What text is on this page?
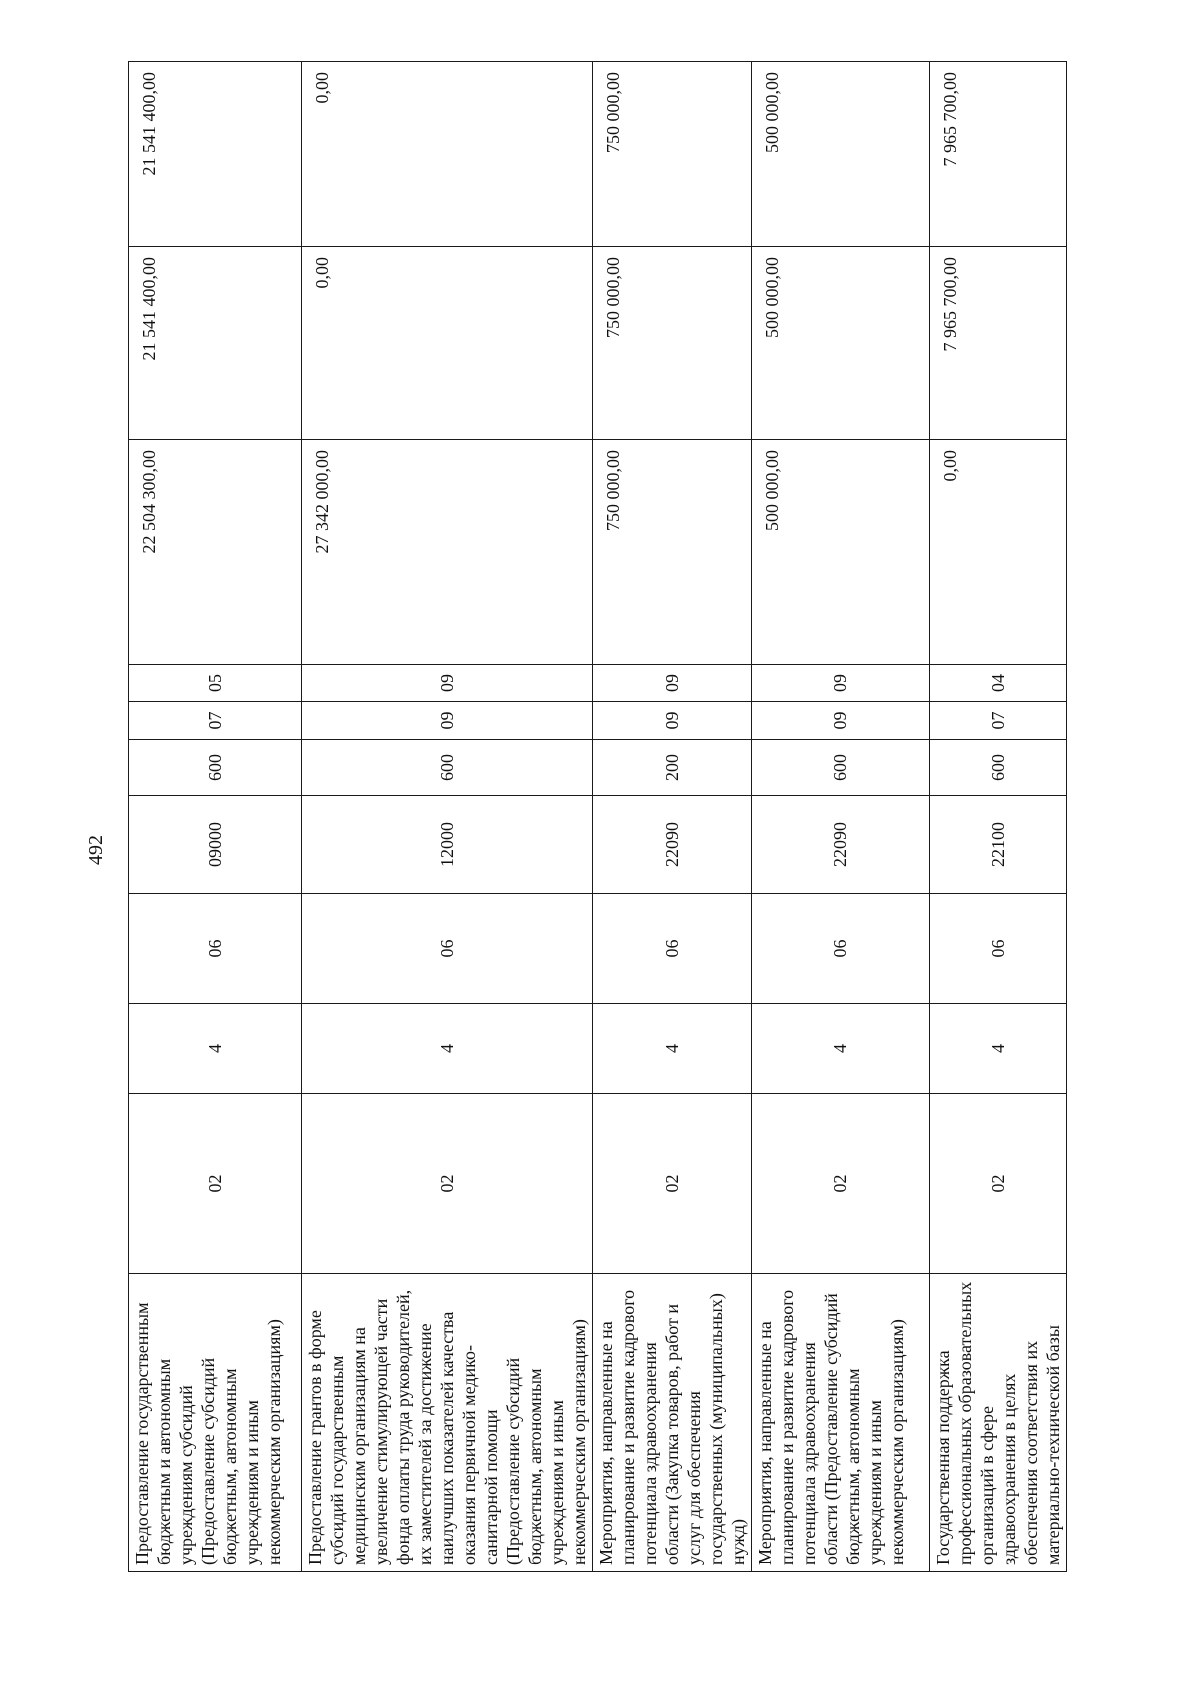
492
Предоставление государственным бюджетным и автономным учреждениям субсидий (Предоставление субсидий бюджетным, автономным учреждениям и иным некоммерческим организациям)	02	4	06	09000	600	07	05	22 504 300,00	21 541 400,00	21 541 400,00
Предоставление грантов в форме субсидий государственным медицинским организациям на увеличение стимулирующей части фонда оплаты труда руководителей, их заместителей за достижение наилучших показателей качества оказания первичной медико-санитарной помощи (Предоставление субсидий бюджетным, автономным учреждениям и иным некоммерческим организациям)	02	4	06	12000	600	09	09	27 342 000,00	0,00	0,00
Мероприятия, направленные на планирование и развитие кадрового потенциала здравоохранения области (Закупка товаров, работ и услуг для обеспечения государственных (муниципальных) нужд)	02	4	06	22090	200	09	09	750 000,00	750 000,00	750 000,00
Мероприятия, направленные на планирование и развитие кадрового потенциала здравоохранения области (Предоставление субсидий бюджетным, автономным учреждениям и иным некоммерческим организациям)	02	4	06	22090	600	09	09	500 000,00	500 000,00	500 000,00
Государственная поддержка профессиональных образовательных организаций в сфере здравоохранения в целях обеспечения соответствия их материально-технической базы	02	4	06	22100	600	07	04	0,00	7 965 700,00	7 965 700,00
